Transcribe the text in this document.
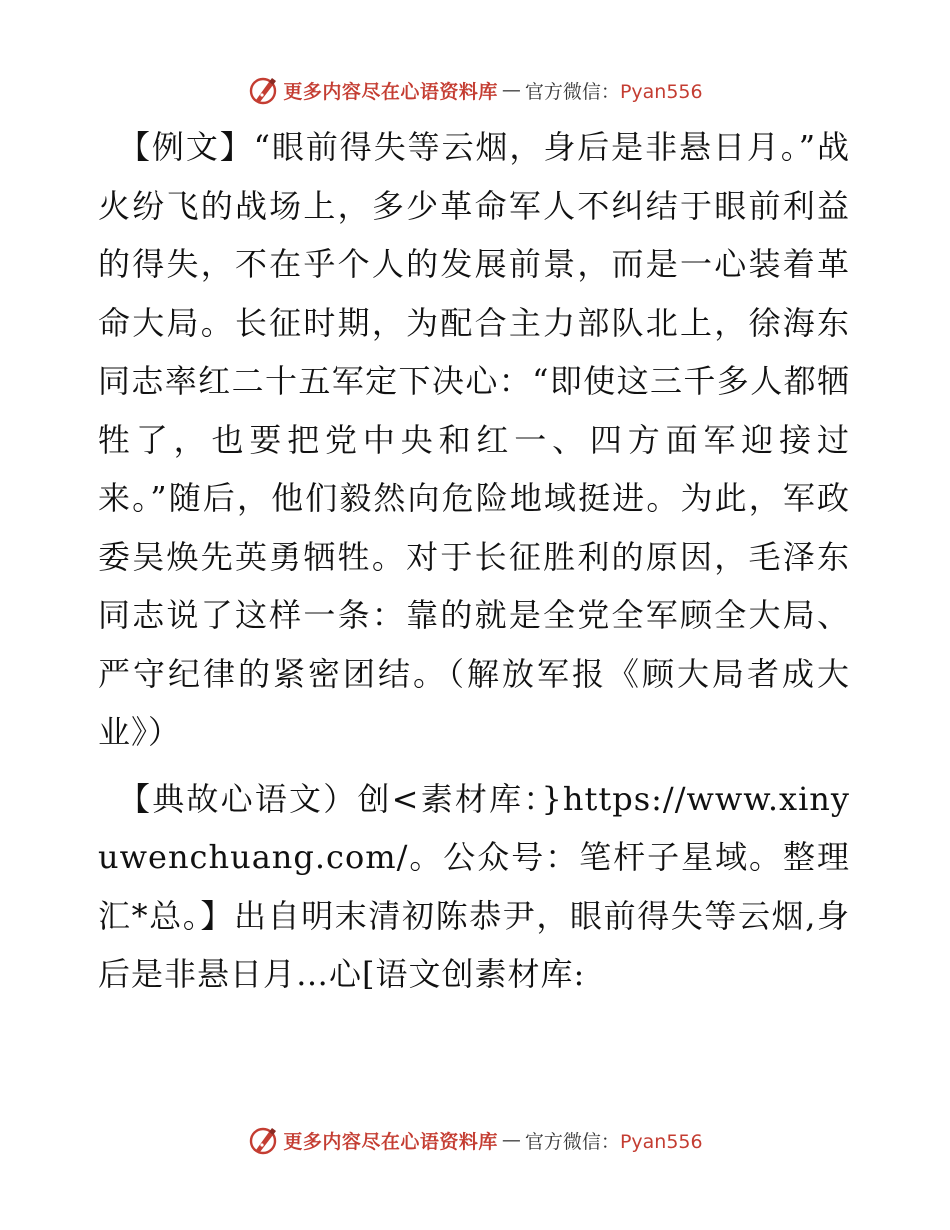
更多内容尽在心语资料库 — 官方微信：Pyan556

【例文】“眼前得失等云烟，身后是非悬日月。”战火纷飞的战场上，多少革命军人不纠结于眼前利益的得失，不在乎个人的发展前景，而是一心装着革命大局。长征时期，为配合主力部队北上，徐海东同志率红二十五军定下决心：“即使这三千多人都牺牲了，也要把党中央和红一、四方面军迎接过来。”随后，他们毅然向危险地域挺进。为此，军政委吴焕先英勇牺牲。对于长征胜利的原因，毛泽东同志说了这样一条：靠的就是全党全军顾全大局、严守纪律的紧密团结。（解放军报《顾大局者成大业》）

【典故心语文）创<素材库：}https://www.xinyuwenchuang.com/。公众号：笔杆子星域。整理汇*总。】出自明末清初陈恭尹，眼前得失等云烟,身后是非悬日月…心[语文创素材库:

更多内容尽在心语资料库 — 官方微信：Pyan556
